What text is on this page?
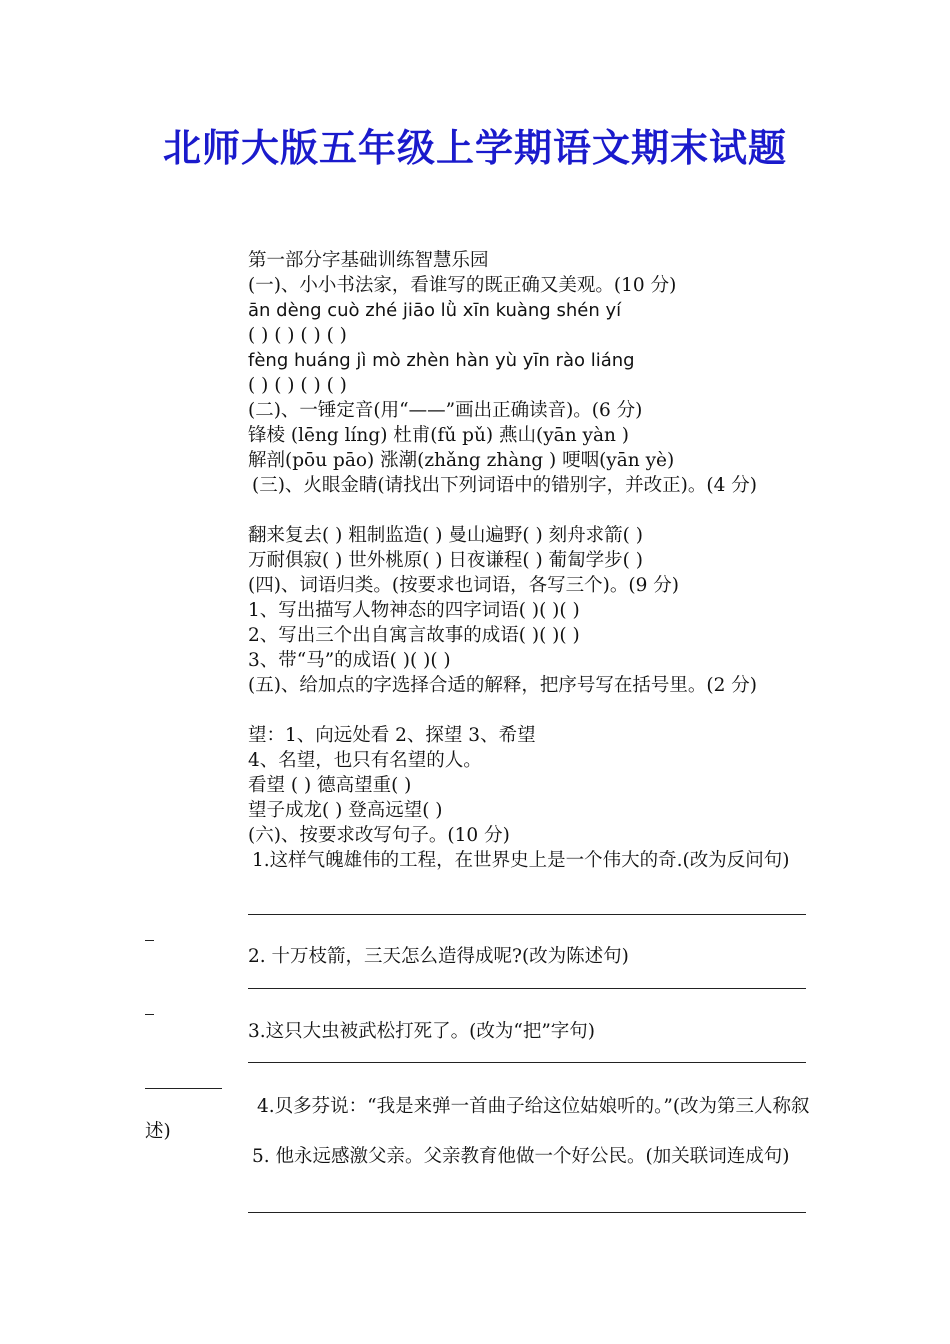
北师大版五年级上学期语文期末试题
第一部分字基础训练智慧乐园
(一)、小小书法家，看谁写的既正确又美观。(10 分)
ān dèng cuò zhé jiāo lǜ xīn kuàng shén yí
( ) ( ) ( ) ( )
fèng huáng jì mò zhèn hàn yù yīn rào liáng
( ) ( ) ( ) ( )
(二)、一锤定音(用“——”画出正确读音)。(6 分)
锋棱 (lēng líng) 杜甫(fǔ pǔ) 燕山(yān yàn )
解剖(pōu pāo) 涨潮(zhǎng zhàng ) 哽咽(yān yè)
(三)、火眼金睛(请找出下列词语中的错别字，并改正)。(4 分)
翻来复去( ) 粗制监造( ) 曼山遍野( ) 刻舟求箭( )
万耐俱寂( ) 世外桃原( ) 日夜谦程( ) 葡匐学步( )
(四)、词语归类。(按要求也词语，各写三个)。(9 分)
1、写出描写人物神态的四字词语( )( )( )
2、写出三个出自寓言故事的成语( )( )( )
3、带“马”的成语( )( )( )
(五)、给加点的字选择合适的解释，把序号写在括号里。(2 分)
望：1、向远处看 2、探望 3、希望
4、名望，也只有名望的人。
看望 ( ) 德高望重( )
望子成龙( ) 登高远望( )
(六)、按要求改写句子。(10 分)
1.这样气魄雄伟的工程，在世界史上是一个伟大的奇.(改为反问句)
2. 十万枝箭，三天怎么造得成呢?(改为陈述句)
3.这只大虫被武松打死了。(改为“把”字句)
4.贝多芬说：“我是来弹一首曲子给这位姑娘听的。”(改为第三人称叙述)
5. 他永远感激父亲。父亲教育他做一个好公民。(加关联词连成句)
